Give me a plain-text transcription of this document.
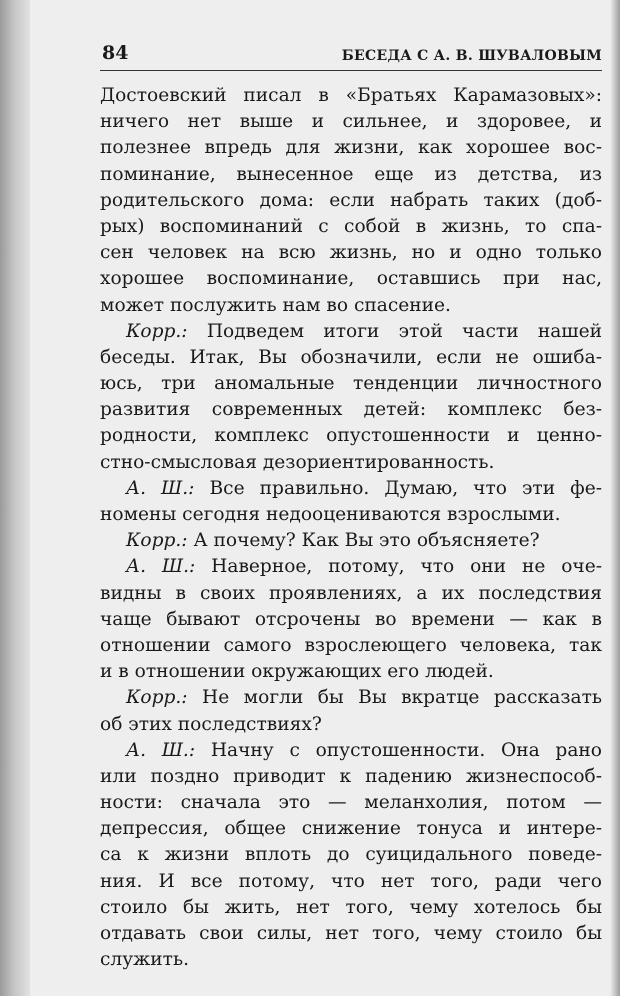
84	БЕСЕДА С А. В. ШУВАЛОВЫМ
Достоевский писал в «Братьях Карамазовых»:
ничего нет выше и сильнее, и здоровее, и
полезнее впредь для жизни, как хорошее вос-
поминание, вынесенное еще из детства, из
родительского дома: если набрать таких (доб-
рых) воспоминаний с собой в жизнь, то спа-
сен человек на всю жизнь, но и одно только
хорошее воспоминание, оставшись при нас,
может послужить нам во спасение.
Корр.: Подведем итоги этой части нашей
беседы. Итак, Вы обозначили, если не ошиба-
юсь, три аномальные тенденции личностного
развития современных детей: комплекс без-
родности, комплекс опустошенности и ценно-
стно-смысловая дезориентированность.
А. Ш.: Все правильно. Думаю, что эти фе-
номены сегодня недооцениваются взрослыми.
Корр.: А почему? Как Вы это объясняете?
А. Ш.: Наверное, потому, что они не оче-
видны в своих проявлениях, а их последствия
чаще бывают отсрочены во времени — как в
отношении самого взрослеющего человека, так
и в отношении окружающих его людей.
Корр.: Не могли бы Вы вкратце рассказать
об этих последствиях?
А. Ш.: Начну с опустошенности. Она рано
или поздно приводит к падению жизнеспособ-
ности: сначала это — меланхолия, потом —
депрессия, общее снижение тонуса и интере-
са к жизни вплоть до суицидального поведе-
ния. И все потому, что нет того, ради чего
стоило бы жить, нет того, чему хотелось бы
отдавать свои силы, нет того, чему стоило бы
служить.
